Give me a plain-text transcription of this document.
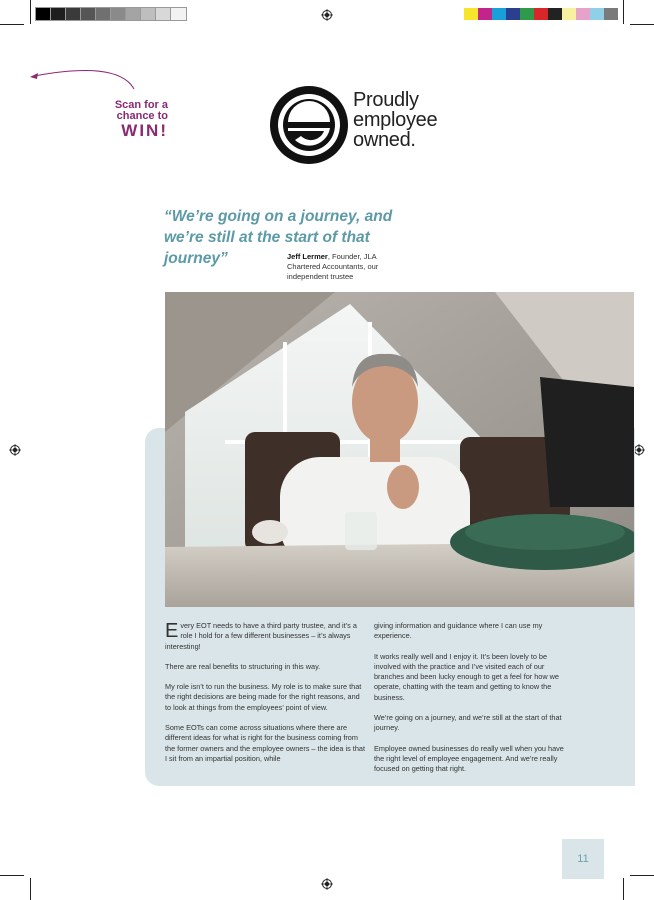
Scan for a
chance to

WIN!
Proudly
employee
owned.
“We’re going on a journey, and we’re still at the start of that journey”	Jeff Lermer, Founder, JLA Chartered Accountants, our independent trustee

Every EOT needs to have a third party trustee, and it’s a role I hold for a few different businesses – it’s always interesting!

There are real benefits to structuring in this way.

My role isn’t to run the business. My role is to make sure that the right decisions are being made for the right reasons, and to look at things from the employees’ point of view.

Some EOTs can come across situations where there are different ideas for what is right for the business coming from the former owners and the employee owners – the idea is that I sit from an impartial position, while

giving information and guidance where I can use my experience.

It works really well and I enjoy it. It’s been lovely to be involved with the practice and I’ve visited each of our branches and been lucky enough to get a feel for how we operate, chatting with the team and getting to know the business.

We’re going on a journey, and we’re still at the start of that journey.

Employee owned businesses do really well when you have the right level of employee engagement. And we’re really focused on getting that right.

11
